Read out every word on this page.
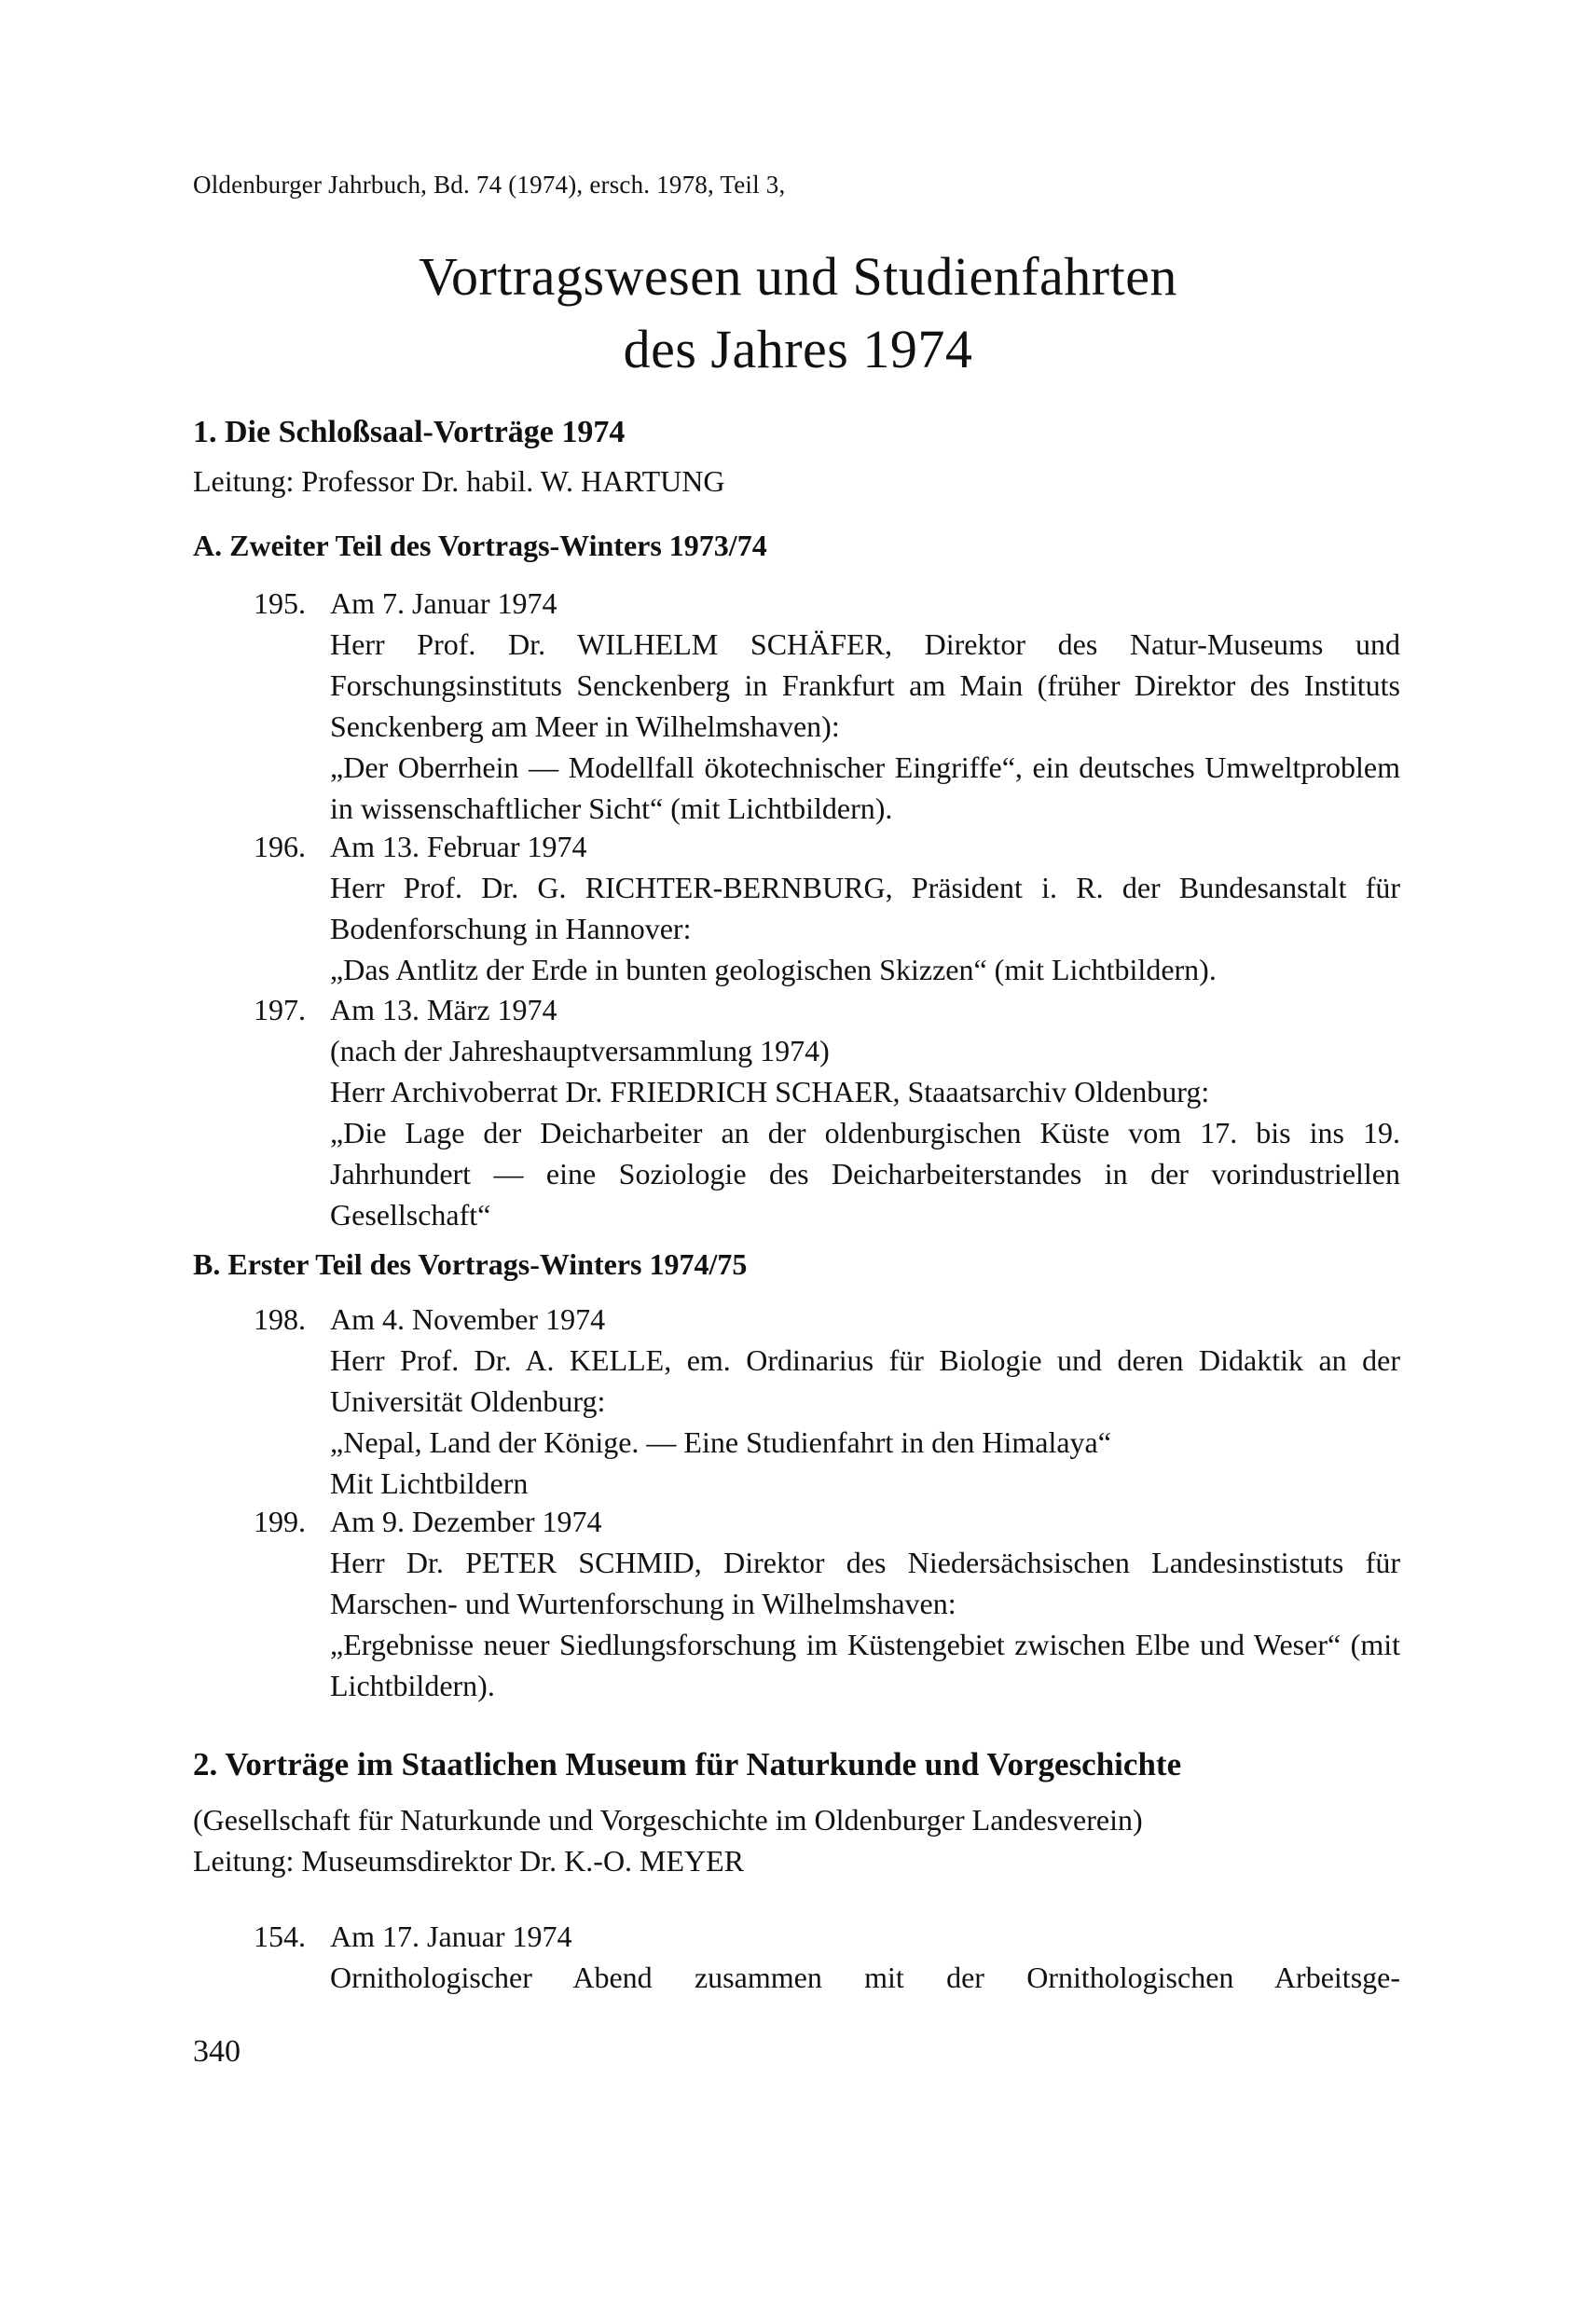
Oldenburger Jahrbuch, Bd. 74 (1974), ersch. 1978, Teil 3,
Vortragswesen und Studienfahrten
des Jahres 1974
1. Die Schloßsaal-Vorträge 1974
Leitung: Professor Dr. habil. W. HARTUNG
A. Zweiter Teil des Vortrags-Winters 1973/74
195. Am 7. Januar 1974

Herr Prof. Dr. WILHELM SCHÄFER, Direktor des Natur-Museums und Forschungsinstituts Senckenberg in Frankfurt am Main (früher Direktor des Instituts Senckenberg am Meer in Wilhelmshaven):

„Der Oberrhein — Modellfall ökotechnischer Eingriffe“, ein deutsches Umweltproblem in wissenschaftlicher Sicht“ (mit Lichtbildern).

196. Am 13. Februar 1974

Herr Prof. Dr. G. RICHTER-BERNBURG, Präsident i. R. der Bundesanstalt für Bodenforschung in Hannover:

„Das Antlitz der Erde in bunten geologischen Skizzen“ (mit Lichtbildern).

197. Am 13. März 1974

(nach der Jahreshauptversammlung 1974)

Herr Archivoberrat Dr. FRIEDRICH SCHAER, Staaatsarchiv Oldenburg:

„Die Lage der Deicharbeiter an der oldenburgischen Küste vom 17. bis ins 19. Jahrhundert — eine Soziologie des Deicharbeiterstandes in der vorindustriellen Gesellschaft“

B. Erster Teil des Vortrags-Winters 1974/75
198. Am 4. November 1974

Herr Prof. Dr. A. KELLE, em. Ordinarius für Biologie und deren Didaktik an der Universität Oldenburg:

„Nepal, Land der Könige. — Eine Studienfahrt in den Himalaya“

Mit Lichtbildern

199. Am 9. Dezember 1974

Herr Dr. PETER SCHMID, Direktor des Niedersächsischen Landesinstistuts für Marschen- und Wurtenforschung in Wilhelmshaven:

„Ergebnisse neuer Siedlungsforschung im Küstengebiet zwischen Elbe und Weser“ (mit Lichtbildern).

2. Vorträge im Staatlichen Museum für Naturkunde und Vorgeschichte
(Gesellschaft für Naturkunde und Vorgeschichte im Oldenburger Landesverein)
Leitung: Museumsdirektor Dr. K.-O. MEYER
154. Am 17. Januar 1974

Ornithologischer Abend zusammen mit der Ornithologischen Arbeitsge-

340
